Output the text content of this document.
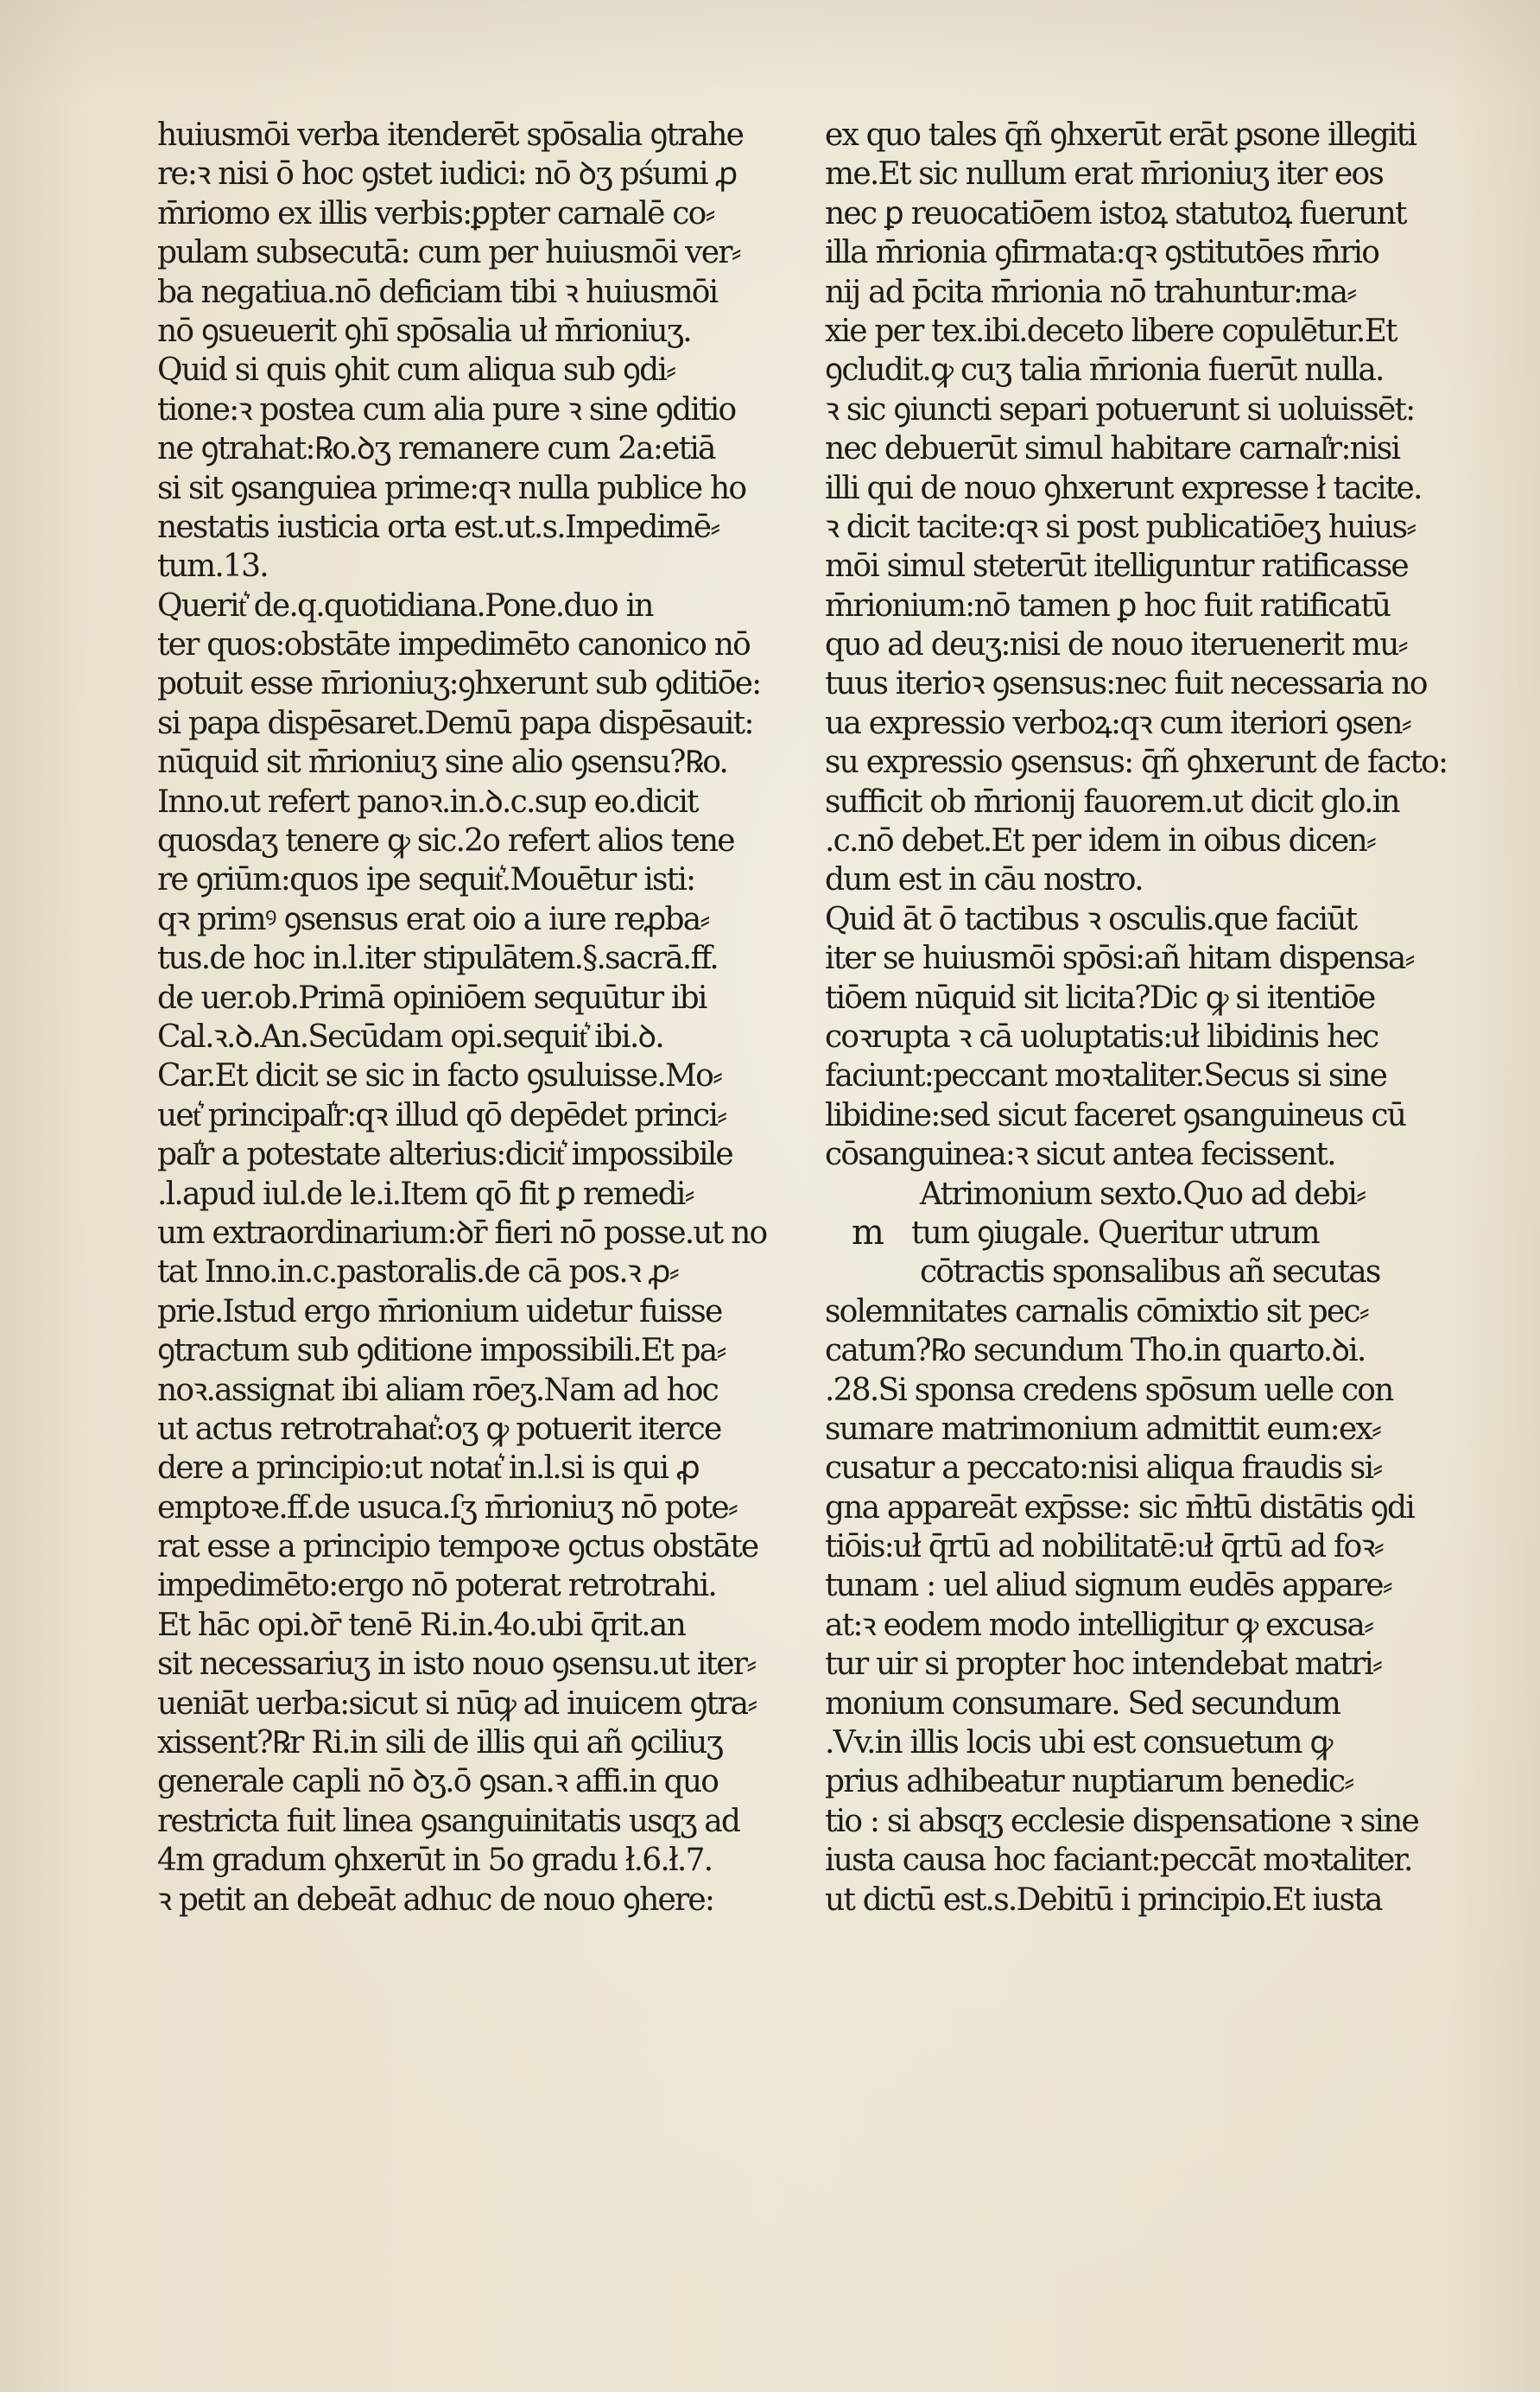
huiusmōi verba itenderēt spōsalia ꝯtrahe
re:ꝛ nisi ō hoc ꝯstet iudici: nō ꝺʒ pśumi ꝓ
m̄riomo ex illis verbis:ꝑpter carnalē co⸗
pulam subsecutā: cum per huiusmōi ver⸗
ba negatiua.nō deficiam tibi ꝛ huiusmōi
nō ꝯsueuerit ꝯhī spōsalia uł m̄rioniuʒ.
Quid si quis ꝯhit cum aliqua sub ꝯdi⸗
tione:ꝛ postea cum alia pure ꝛ sine ꝯditio
ne ꝯtrahat:℞o.ꝺʒ remanere cum 2a:etiā
si sit ꝯsanguiea prime:qꝛ nulla publice ho
nestatis iusticia orta est.ut.s.Impedimē⸗
tum.13.
Querit͛ de.q.quotidiana.Pone.duo in
ter quos:obstāte impedimēto canonico nō
potuit esse m̄rioniuʒ:ꝯhxerunt sub ꝯditiōe:
si papa dispēsaret.Demū papa dispēsauit:
nūquid sit m̄rioniuʒ sine alio ꝯsensu?℞o.
Inno.ut refert panoꝛ.in.ꝺ.c.sup eo.dicit
quosdaʒ tenere ꝙ sic.2o refert alios tene
re ꝯriūm:quos ipe sequit͛.Mouētur isti:
qꝛ primꝰ ꝯsensus erat oio a iure reꝓba⸗
tus.de hoc in.l.iter stipulātem.§.sacrā.ff.
de uer.ob.Primā opiniōem sequūtur ibi
Cal.ꝛ.ꝺ.An.Secūdam opi.sequit͛ ibi.ꝺ.
Car.Et dicit se sic in facto ꝯsuluisse.Mo⸗
uet͛ principal͛r:qꝛ illud qō depēdet princi⸗
pal͛r a potestate alterius:dicit͛ impossibile
.l.apud iul.de le.i.Item qō fit ꝑ remedi⸗
um extraordinarium:ꝺr̄ fieri nō posse.ut no
tat Inno.in.c.pastoralis.de cā pos.ꝛ ꝓ⸗
prie.Istud ergo m̄rionium uidetur fuisse
ꝯtractum sub ꝯditione impossibili.Et pa⸗
noꝛ.assignat ibi aliam rōeʒ.Nam ad hoc
ut actus retrotrahat͛:oʒ ꝙ potuerit iterce
dere a principio:ut notat͛ in.l.si is qui ꝓ
emptoꝛe.ff.de usuca.ſʒ m̄rioniuʒ nō pote⸗
rat esse a principio tempoꝛe ꝯctus obstāte
impedimēto:ergo nō poterat retrotrahi.
Et hāc opi.ꝺr̄ tenē Ri.in.4o.ubi q̄rit.an
sit necessariuʒ in isto nouo ꝯsensu.ut iter⸗
ueniāt uerba:sicut si nūꝙ ad inuicem ꝯtra⸗
xissent?℞r Ri.in sili de illis qui añ ꝯciliuʒ
generale capli nō ꝺʒ.ō ꝯsan.ꝛ affi.in quo
restricta fuit linea ꝯsanguinitatis usqʒ ad
4m gradum ꝯhxerūt in 5o gradu ł.6.ł.7.
ꝛ petit an debeāt adhuc de nouo ꝯhere:
ex quo tales q̄ñ ꝯhxerūt erāt ꝑsone illegiti
me.Et sic nullum erat m̄rioniuʒ iter eos
nec ꝑ reuocatiōem istoꝝ statutoꝝ fuerunt
illa m̄rionia ꝯfirmata:qꝛ ꝯstitutōes m̄rio
nij ad p̄cita m̄rionia nō trahuntur:ma⸗
xie per tex.ibi.deceto libere copulētur.Et
ꝯcludit.ꝙ cuʒ talia m̄rionia fuerūt nulla.
ꝛ sic ꝯiuncti separi potuerunt si uoluissēt:
nec debuerūt simul habitare carnal͛r:nisi
illi qui de nouo ꝯhxerunt expresse ł tacite.
ꝛ dicit tacite:qꝛ si post publicatiōeʒ huius⸗
mōi simul steterūt itelliguntur ratificasse
m̄rionium:nō tamen ꝑ hoc fuit ratificatū
quo ad deuʒ:nisi de nouo iteruenerit mu⸗
tuus iterioꝛ ꝯsensus:nec fuit necessaria no
ua expressio verboꝝ:qꝛ cum iteriori ꝯsen⸗
su expressio ꝯsensus: q̄ñ ꝯhxerunt de facto:
sufficit ob m̄rionij fauorem.ut dicit glo.in
.c.nō debet.Et per idem in oibus dicen⸗
dum est in cāu nostro.
Quid āt ō tactibus ꝛ osculis.que faciūt
iter se huiusmōi spōsi:añ hitam dispensa⸗
tiōem nūquid sit licita?Dic ꝙ si itentiōe
coꝛrupta ꝛ cā uoluptatis:uł libidinis hec
faciunt:peccant moꝛtaliter.Secus si sine
libidine:sed sicut faceret ꝯsanguineus cū
cōsanguinea:ꝛ sicut antea fecissent.
Atrimonium sexto.Quo ad debi⸗
m tum ꝯiugale. Queritur utrum
cōtractis sponsalibus añ secutas
solemnitates carnalis cōmixtio sit pec⸗
catum?℞o secundum Tho.in quarto.ꝺi.
.28.Si sponsa credens spōsum uelle con
sumare matrimonium admittit eum:ex⸗
cusatur a peccato:nisi aliqua fraudis si⸗
gna appareāt exp̄sse: sic m̄łtū distātis ꝯdi
tiōis:uł q̄rtū ad nobilitatē:uł q̄rtū ad foꝛ⸗
tunam : uel aliud signum eudēs appare⸗
at:ꝛ eodem modo intelligitur ꝙ excusa⸗
tur uir si propter hoc intendebat matri⸗
monium consumare. Sed secundum
.Vv.in illis locis ubi est consuetum ꝙ
prius adhibeatur nuptiarum benedic⸗
tio : si absqʒ ecclesie dispensatione ꝛ sine
iusta causa hoc faciant:peccāt moꝛtaliter.
ut dictū est.s.Debitū i principio.Et iusta
